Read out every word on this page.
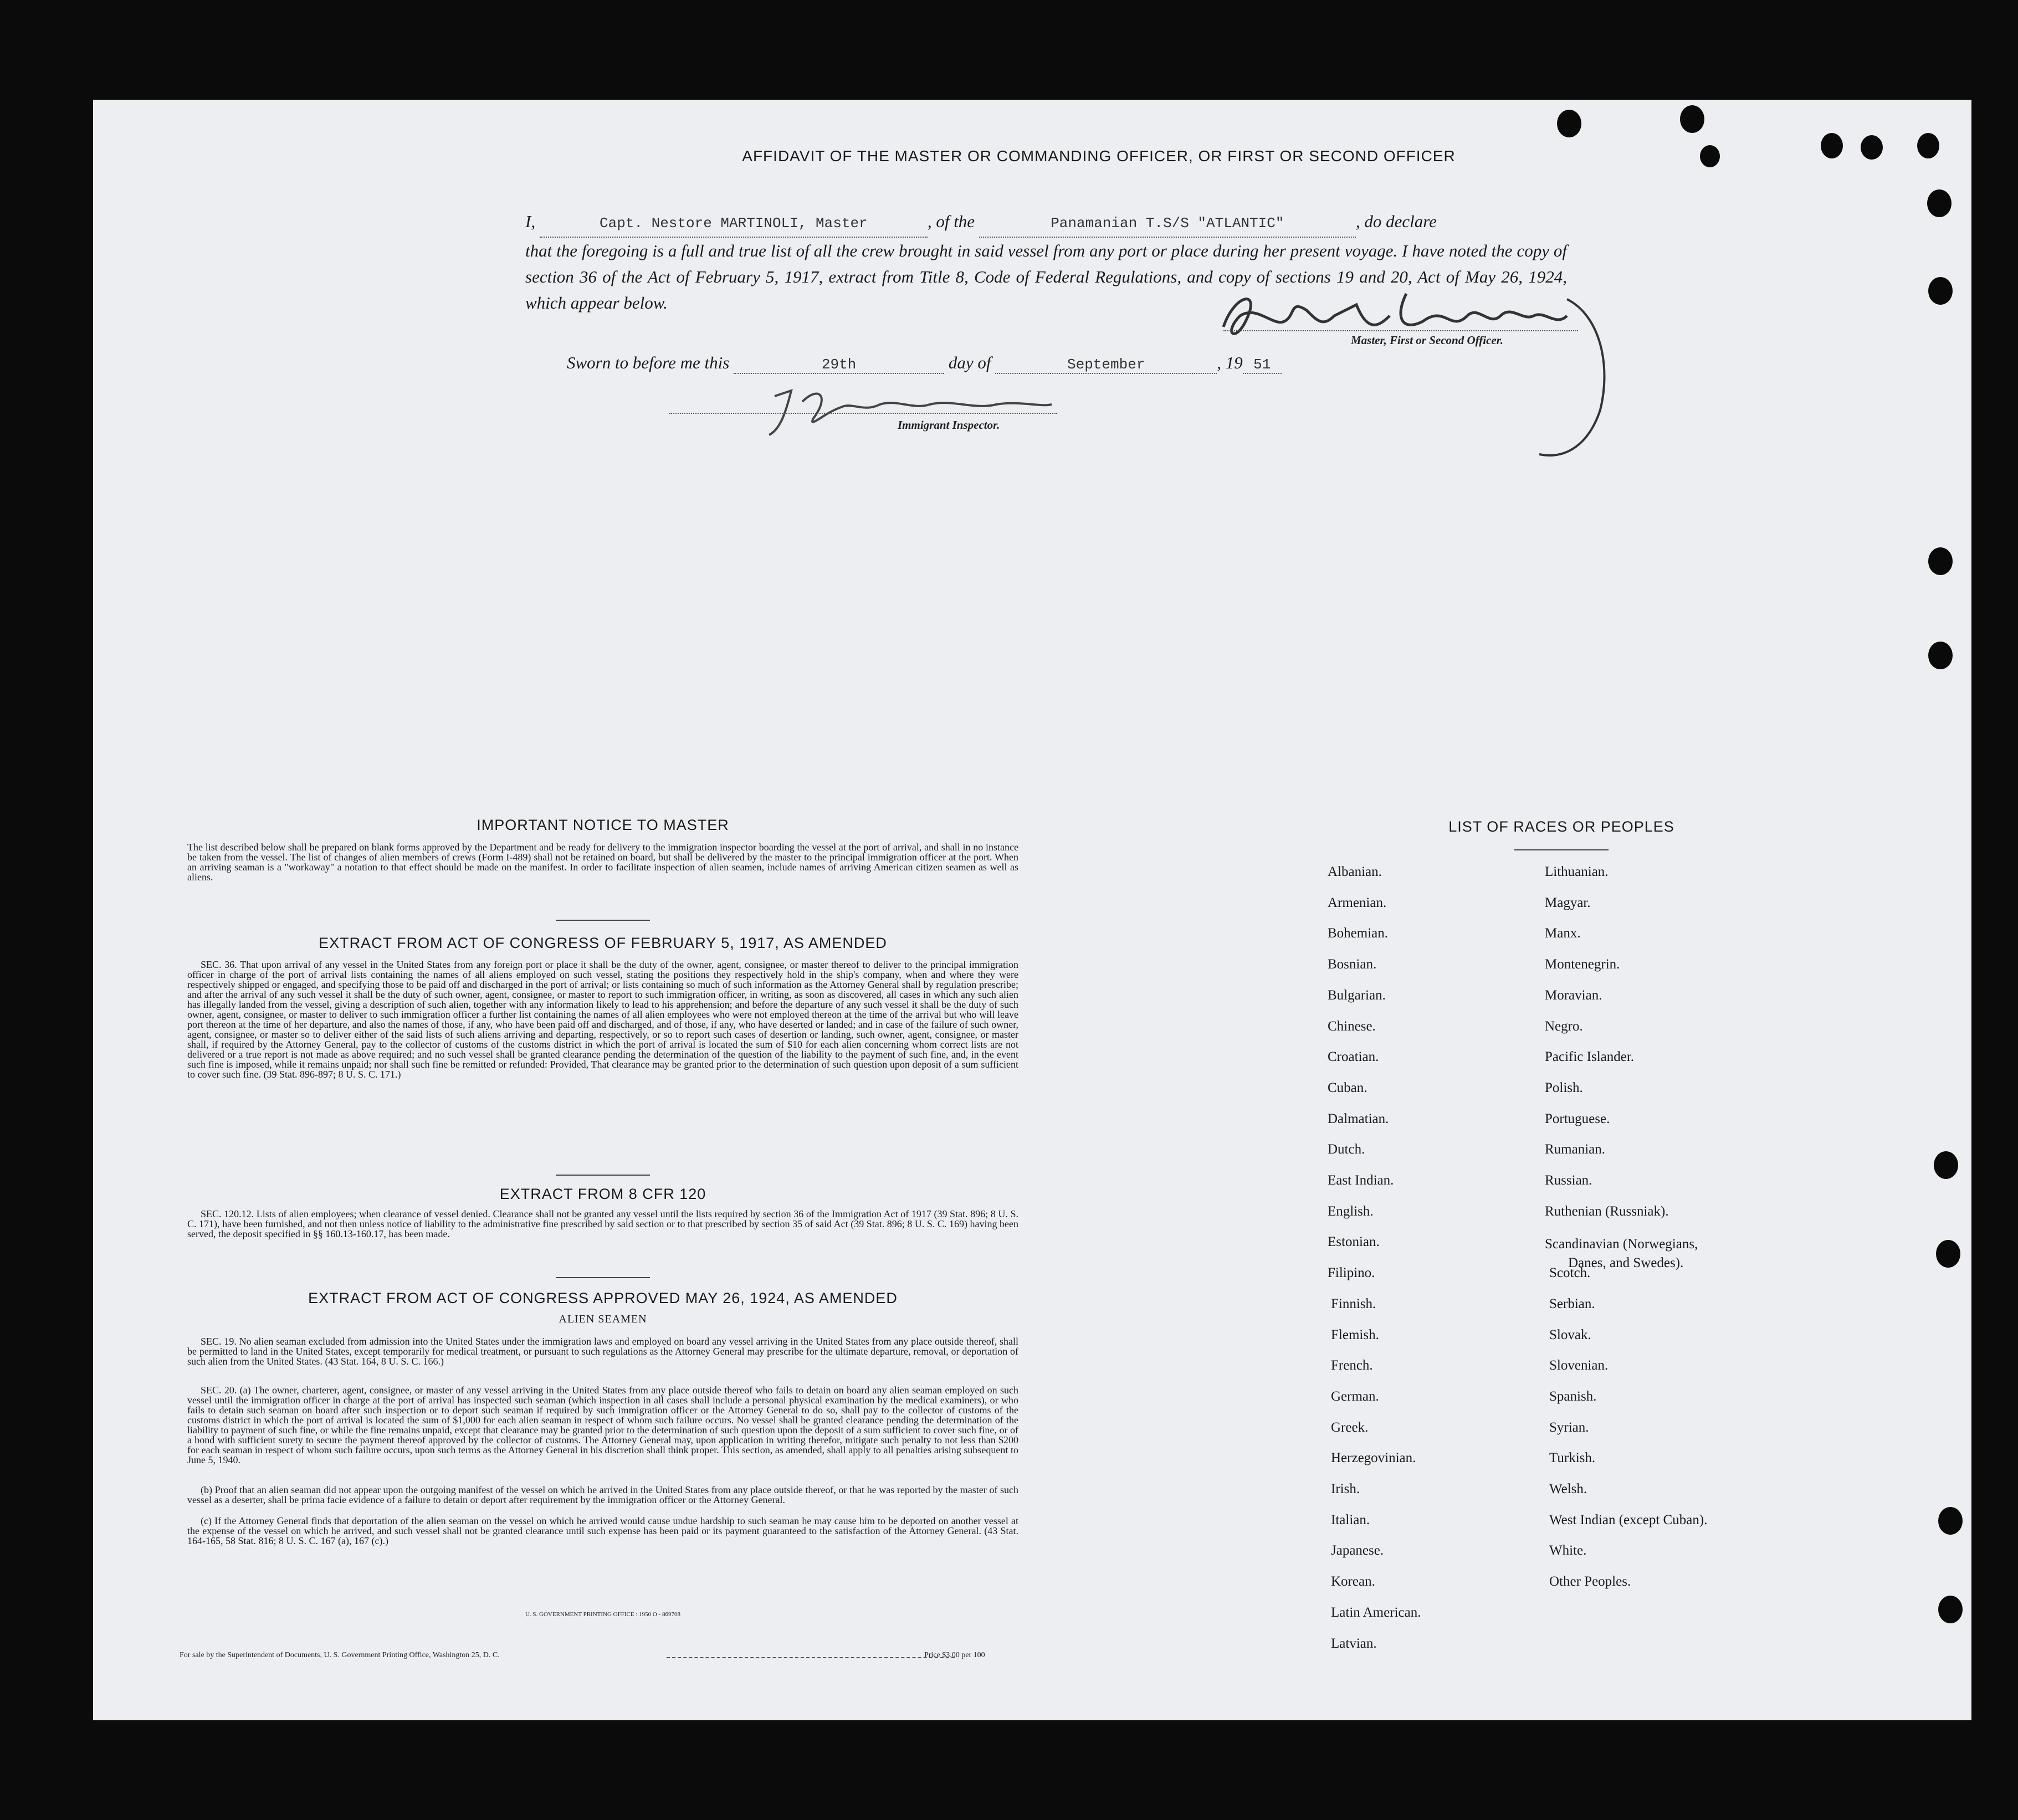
AFFIDAVIT OF THE MASTER OR COMMANDING OFFICER, OR FIRST OR SECOND OFFICER
I,	Capt. Nestore MARTINOLI, Master	, of the	Panamanian T.S/S "ATLANTIC"	, do declare
that the foregoing is a full and true list of all the crew brought in said vessel from any port or place during her present voyage. I have noted the copy of section 36 of the Act of February 5, 1917, extract from Title 8, Code of Federal Regulations, and copy of sections 19 and 20, Act of May 26, 1924, which appear below.
Master, First or Second Officer.
Sworn to before me this	29th	day of	September	, 19 51
Immigrant Inspector.
IMPORTANT NOTICE TO MASTER
The list described below shall be prepared on blank forms approved by the Department and be ready for delivery to the immigration inspector boarding the vessel at the port of arrival, and shall in no instance be taken from the vessel. The list of changes of alien members of crews (Form I-489) shall not be retained on board, but shall be delivered by the master to the principal immigration officer at the port. When an arriving seaman is a "workaway" a notation to that effect should be made on the manifest. In order to facilitate inspection of alien seamen, include names of arriving American citizen seamen as well as aliens.
EXTRACT FROM ACT OF CONGRESS OF FEBRUARY 5, 1917, AS AMENDED
SEC. 36. That upon arrival of any vessel in the United States from any foreign port or place it shall be the duty of the owner, agent, consignee, or master thereof to deliver to the principal immigration officer in charge of the port of arrival lists containing the names of all aliens employed on such vessel, stating the positions they respectively hold in the ship's company, when and where they were respectively shipped or engaged, and specifying those to be paid off and discharged in the port of arrival; or lists containing so much of such information as the Attorney General shall by regulation prescribe; and after the arrival of any such vessel it shall be the duty of such owner, agent, consignee, or master to report to such immigration officer, in writing, as soon as discovered, all cases in which any such alien has illegally landed from the vessel, giving a description of such alien, together with any information likely to lead to his apprehension; and before the departure of any such vessel it shall be the duty of such owner, agent, consignee, or master to deliver to such immigration officer a further list containing the names of all alien employees who were not employed thereon at the time of the arrival but who will leave port thereon at the time of her departure, and also the names of those, if any, who have been paid off and discharged, and of those, if any, who have deserted or landed; and in case of the failure of such owner, agent, consignee, or master so to deliver either of the said lists of such aliens arriving and departing, respectively, or so to report such cases of desertion or landing, such owner, agent, consignee, or master shall, if required by the Attorney General, pay to the collector of customs of the customs district in which the port of arrival is located the sum of $10 for each alien concerning whom correct lists are not delivered or a true report is not made as above required; and no such vessel shall be granted clearance pending the determination of the question of the liability to the payment of such fine, and, in the event such fine is imposed, while it remains unpaid; nor shall such fine be remitted or refunded: Provided, That clearance may be granted prior to the determination of such question upon deposit of a sum sufficient to cover such fine. (39 Stat. 896-897; 8 U. S. C. 171.)
EXTRACT FROM 8 CFR 120
SEC. 120.12. Lists of alien employees; when clearance of vessel denied. Clearance shall not be granted any vessel until the lists required by section 36 of the Immigration Act of 1917 (39 Stat. 896; 8 U. S. C. 171), have been furnished, and not then unless notice of liability to the administrative fine prescribed by said section or to that prescribed by section 35 of said Act (39 Stat. 896; 8 U. S. C. 169) having been served, the deposit specified in §§ 160.13-160.17, has been made.
EXTRACT FROM ACT OF CONGRESS APPROVED MAY 26, 1924, AS AMENDED
ALIEN SEAMEN
SEC. 19. No alien seaman excluded from admission into the United States under the immigration laws and employed on board any vessel arriving in the United States from any place outside thereof, shall be permitted to land in the United States, except temporarily for medical treatment, or pursuant to such regulations as the Attorney General may prescribe for the ultimate departure, removal, or deportation of such alien from the United States. (43 Stat. 164, 8 U. S. C. 166.)
SEC. 20. (a) The owner, charterer, agent, consignee, or master of any vessel arriving in the United States from any place outside thereof who fails to detain on board any alien seaman employed on such vessel until the immigration officer in charge at the port of arrival has inspected such seaman (which inspection in all cases shall include a personal physical examination by the medical examiners), or who fails to detain such seaman on board after such inspection or to deport such seaman if required by such immigration officer or the Attorney General to do so, shall pay to the collector of customs of the customs district in which the port of arrival is located the sum of $1,000 for each alien seaman in respect of whom such failure occurs. No vessel shall be granted clearance pending the determination of the liability to payment of such fine, or while the fine remains unpaid, except that clearance may be granted prior to the determination of such question upon the deposit of a sum sufficient to cover such fine, or of a bond with sufficient surety to secure the payment thereof approved by the collector of customs. The Attorney General may, upon application in writing therefor, mitigate such penalty to not less than $200 for each seaman in respect of whom such failure occurs, upon such terms as the Attorney General in his discretion shall think proper. This section, as amended, shall apply to all penalties arising subsequent to June 5, 1940.
(b) Proof that an alien seaman did not appear upon the outgoing manifest of the vessel on which he arrived in the United States from any place outside thereof, or that he was reported by the master of such vessel as a deserter, shall be prima facie evidence of a failure to detain or deport after requirement by the immigration officer or the Attorney General.
(c) If the Attorney General finds that deportation of the alien seaman on the vessel on which he arrived would cause undue hardship to such seaman he may cause him to be deported on another vessel at the expense of the vessel on which he arrived, and such vessel shall not be granted clearance until such expense has been paid or its payment guaranteed to the satisfaction of the Attorney General. (43 Stat. 164-165, 58 Stat. 816; 8 U. S. C. 167 (a), 167 (c).)
U. S. GOVERNMENT PRINTING OFFICE : 1950 O - 869708
For sale by the Superintendent of Documents, U. S. Government Printing Office, Washington 25, D. C.	Price $3.00 per 100
LIST OF RACES OR PEOPLES
Albanian.
Armenian.
Bohemian.
Bosnian.
Bulgarian.
Chinese.
Croatian.
Cuban.
Dalmatian.
Dutch.
East Indian.
English.
Estonian.
Filipino.
Finnish.
Flemish.
French.
German.
Greek.
Herzegovinian.
Irish.
Italian.
Japanese.
Korean.
Latin American.
Latvian.
Lithuanian.
Magyar.
Manx.
Montenegrin.
Moravian.
Negro.
Pacific Islander.
Polish.
Portuguese.
Rumanian.
Russian.
Ruthenian (Russniak).
Scandinavian (Norwegians,
Danes, and Swedes).
Scotch.
Serbian.
Slovak.
Slovenian.
Spanish.
Syrian.
Turkish.
Welsh.
West Indian (except Cuban).
White.
Other Peoples.
